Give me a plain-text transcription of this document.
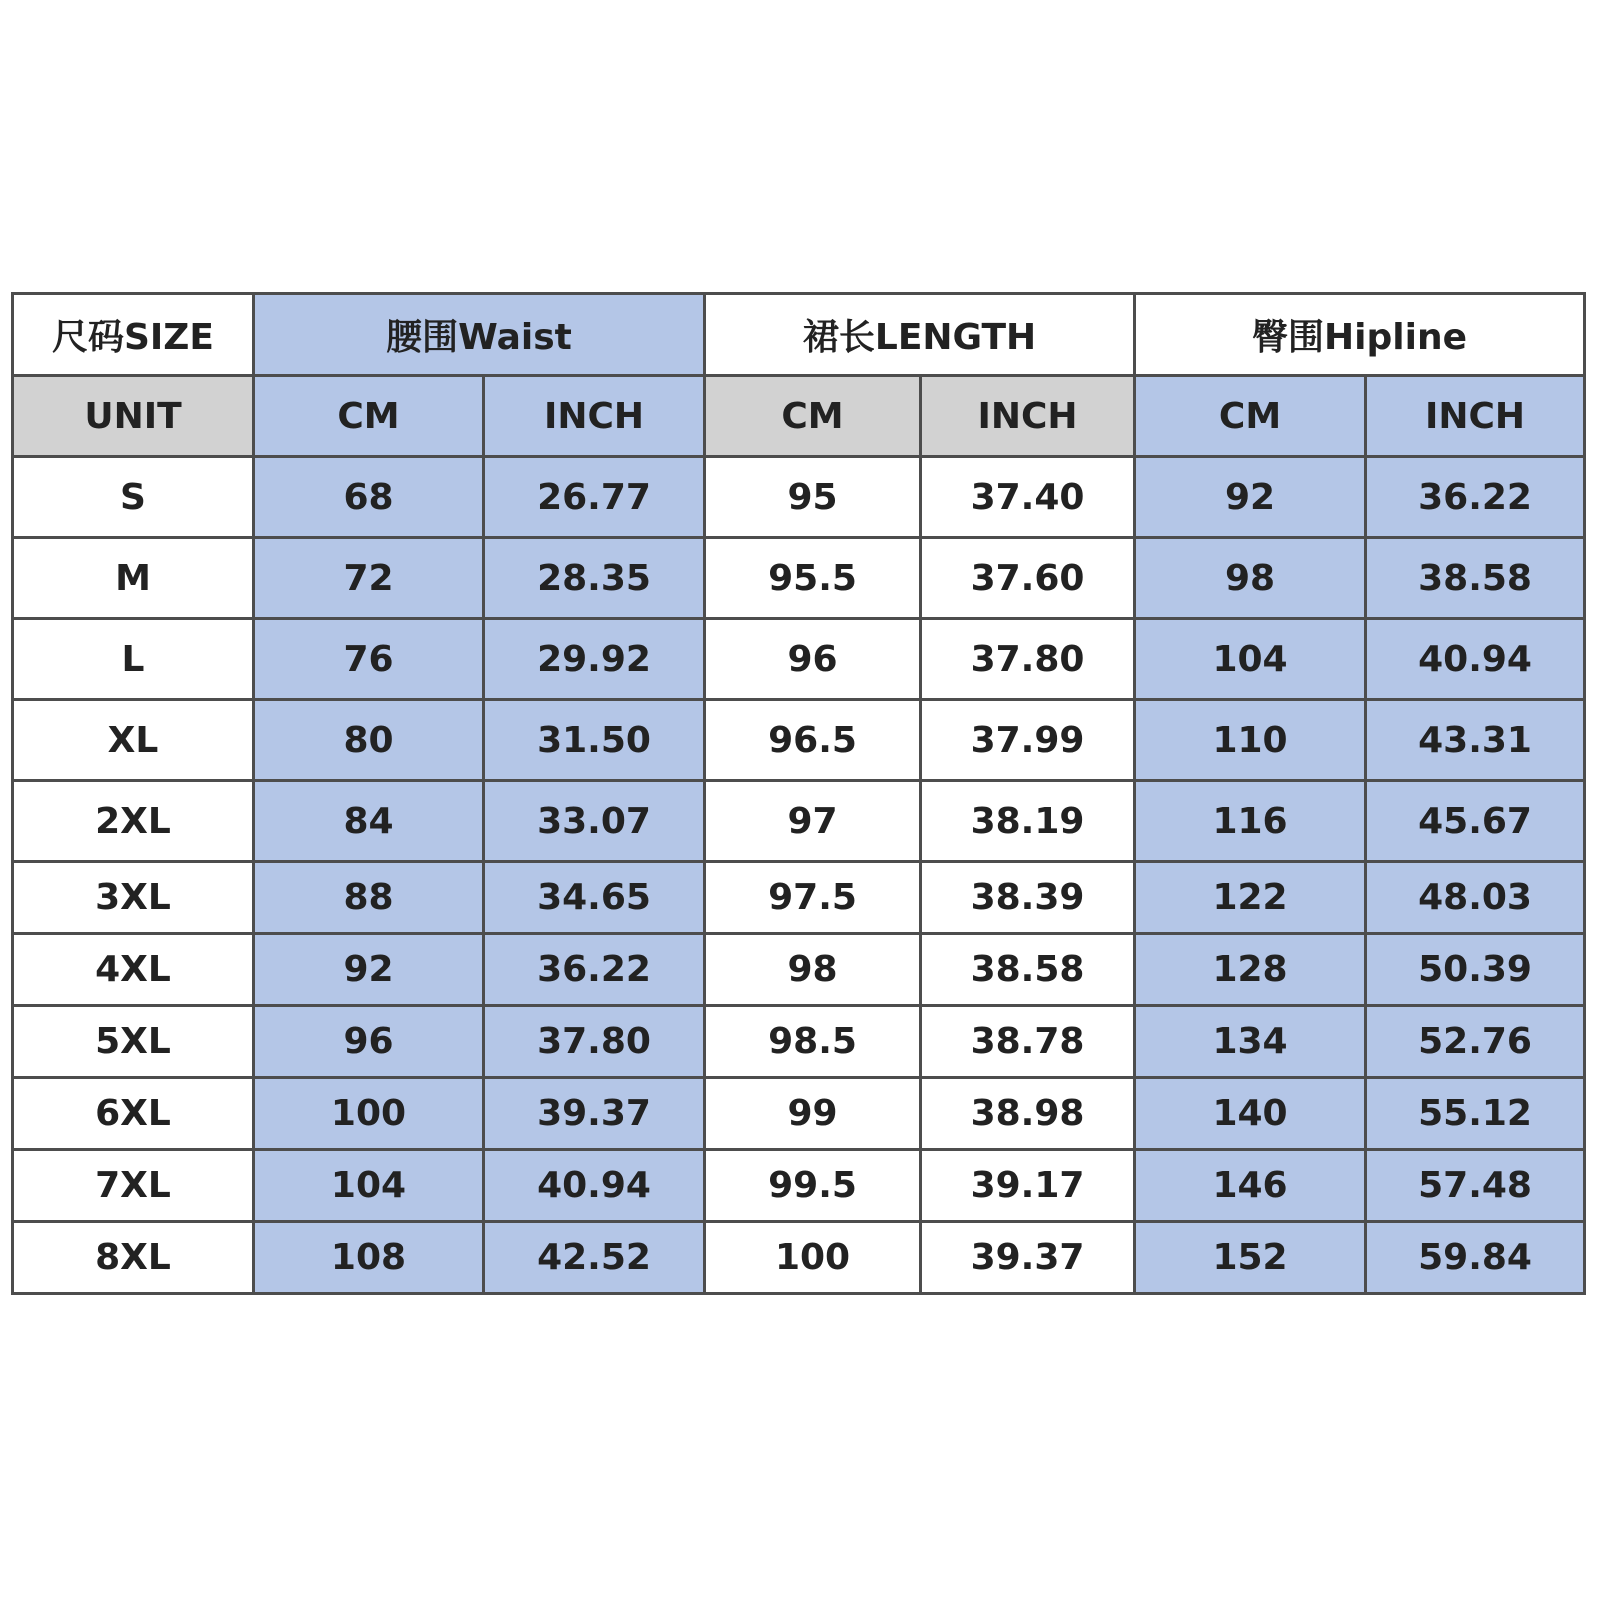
尺码SIZE	腰围Waist		裙长LENGTH		臀围Hipline	
UNIT	CM	INCH	CM	INCH	CM	INCH
S	68	26.77	95	37.40	92	36.22
M	72	28.35	95.5	37.60	98	38.58
L	76	29.92	96	37.80	104	40.94
XL	80	31.50	96.5	37.99	110	43.31
2XL	84	33.07	97	38.19	116	45.67
3XL	88	34.65	97.5	38.39	122	48.03
4XL	92	36.22	98	38.58	128	50.39
5XL	96	37.80	98.5	38.78	134	52.76
6XL	100	39.37	99	38.98	140	55.12
7XL	104	40.94	99.5	39.17	146	57.48
8XL	108	42.52	100	39.37	152	59.84
